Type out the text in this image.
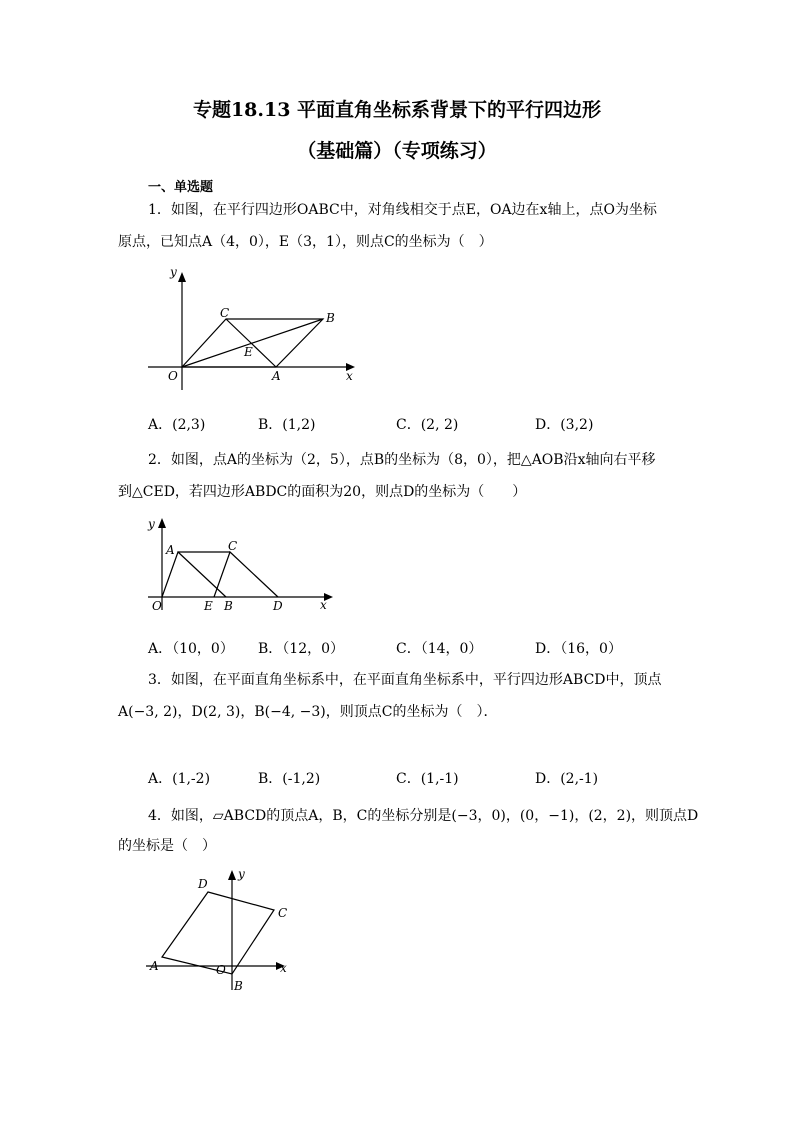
专题18.13 平面直角坐标系背景下的平行四边形
（基础篇）（专项练习）
一、单选题
1．如图，在平行四边形OABC中，对角线相交于点E，OA边在x轴上，点O为坐标
原点，已知点A（4，0），E（3，1），则点C的坐标为（　）
y
x
O	A
B
C
E
A．(2,3)	B．(1,2)	C．(2, 2)	D．(3,2)
2．如图，点A的坐标为（2，5），点B的坐标为（8，0），把△AOB沿x轴向右平移
到△CED，若四边形ABDC的面积为20，则点D的坐标为（　　）
y
x
O
A	C
E B	D
A．（10，0） B．（12，0）	C．（14，0）	D．（16，0）
3．如图，在平面直角坐标系中，在平面直角坐标系中，平行四边形ABCD中，顶点
A(−3, 2)，D(2, 3)，B(−4, −3)，则顶点C的坐标为（　）．
A．(1,-2)	B．(-1,2)	C．(1,-1)	D．(2,-1)
4．如图，▱ABCD的顶点A，B，C的坐标分别是(−3，0)，(0，−1)，(2，2)，则顶点D
的坐标是（　）
y
x
O
A
B
C
D
